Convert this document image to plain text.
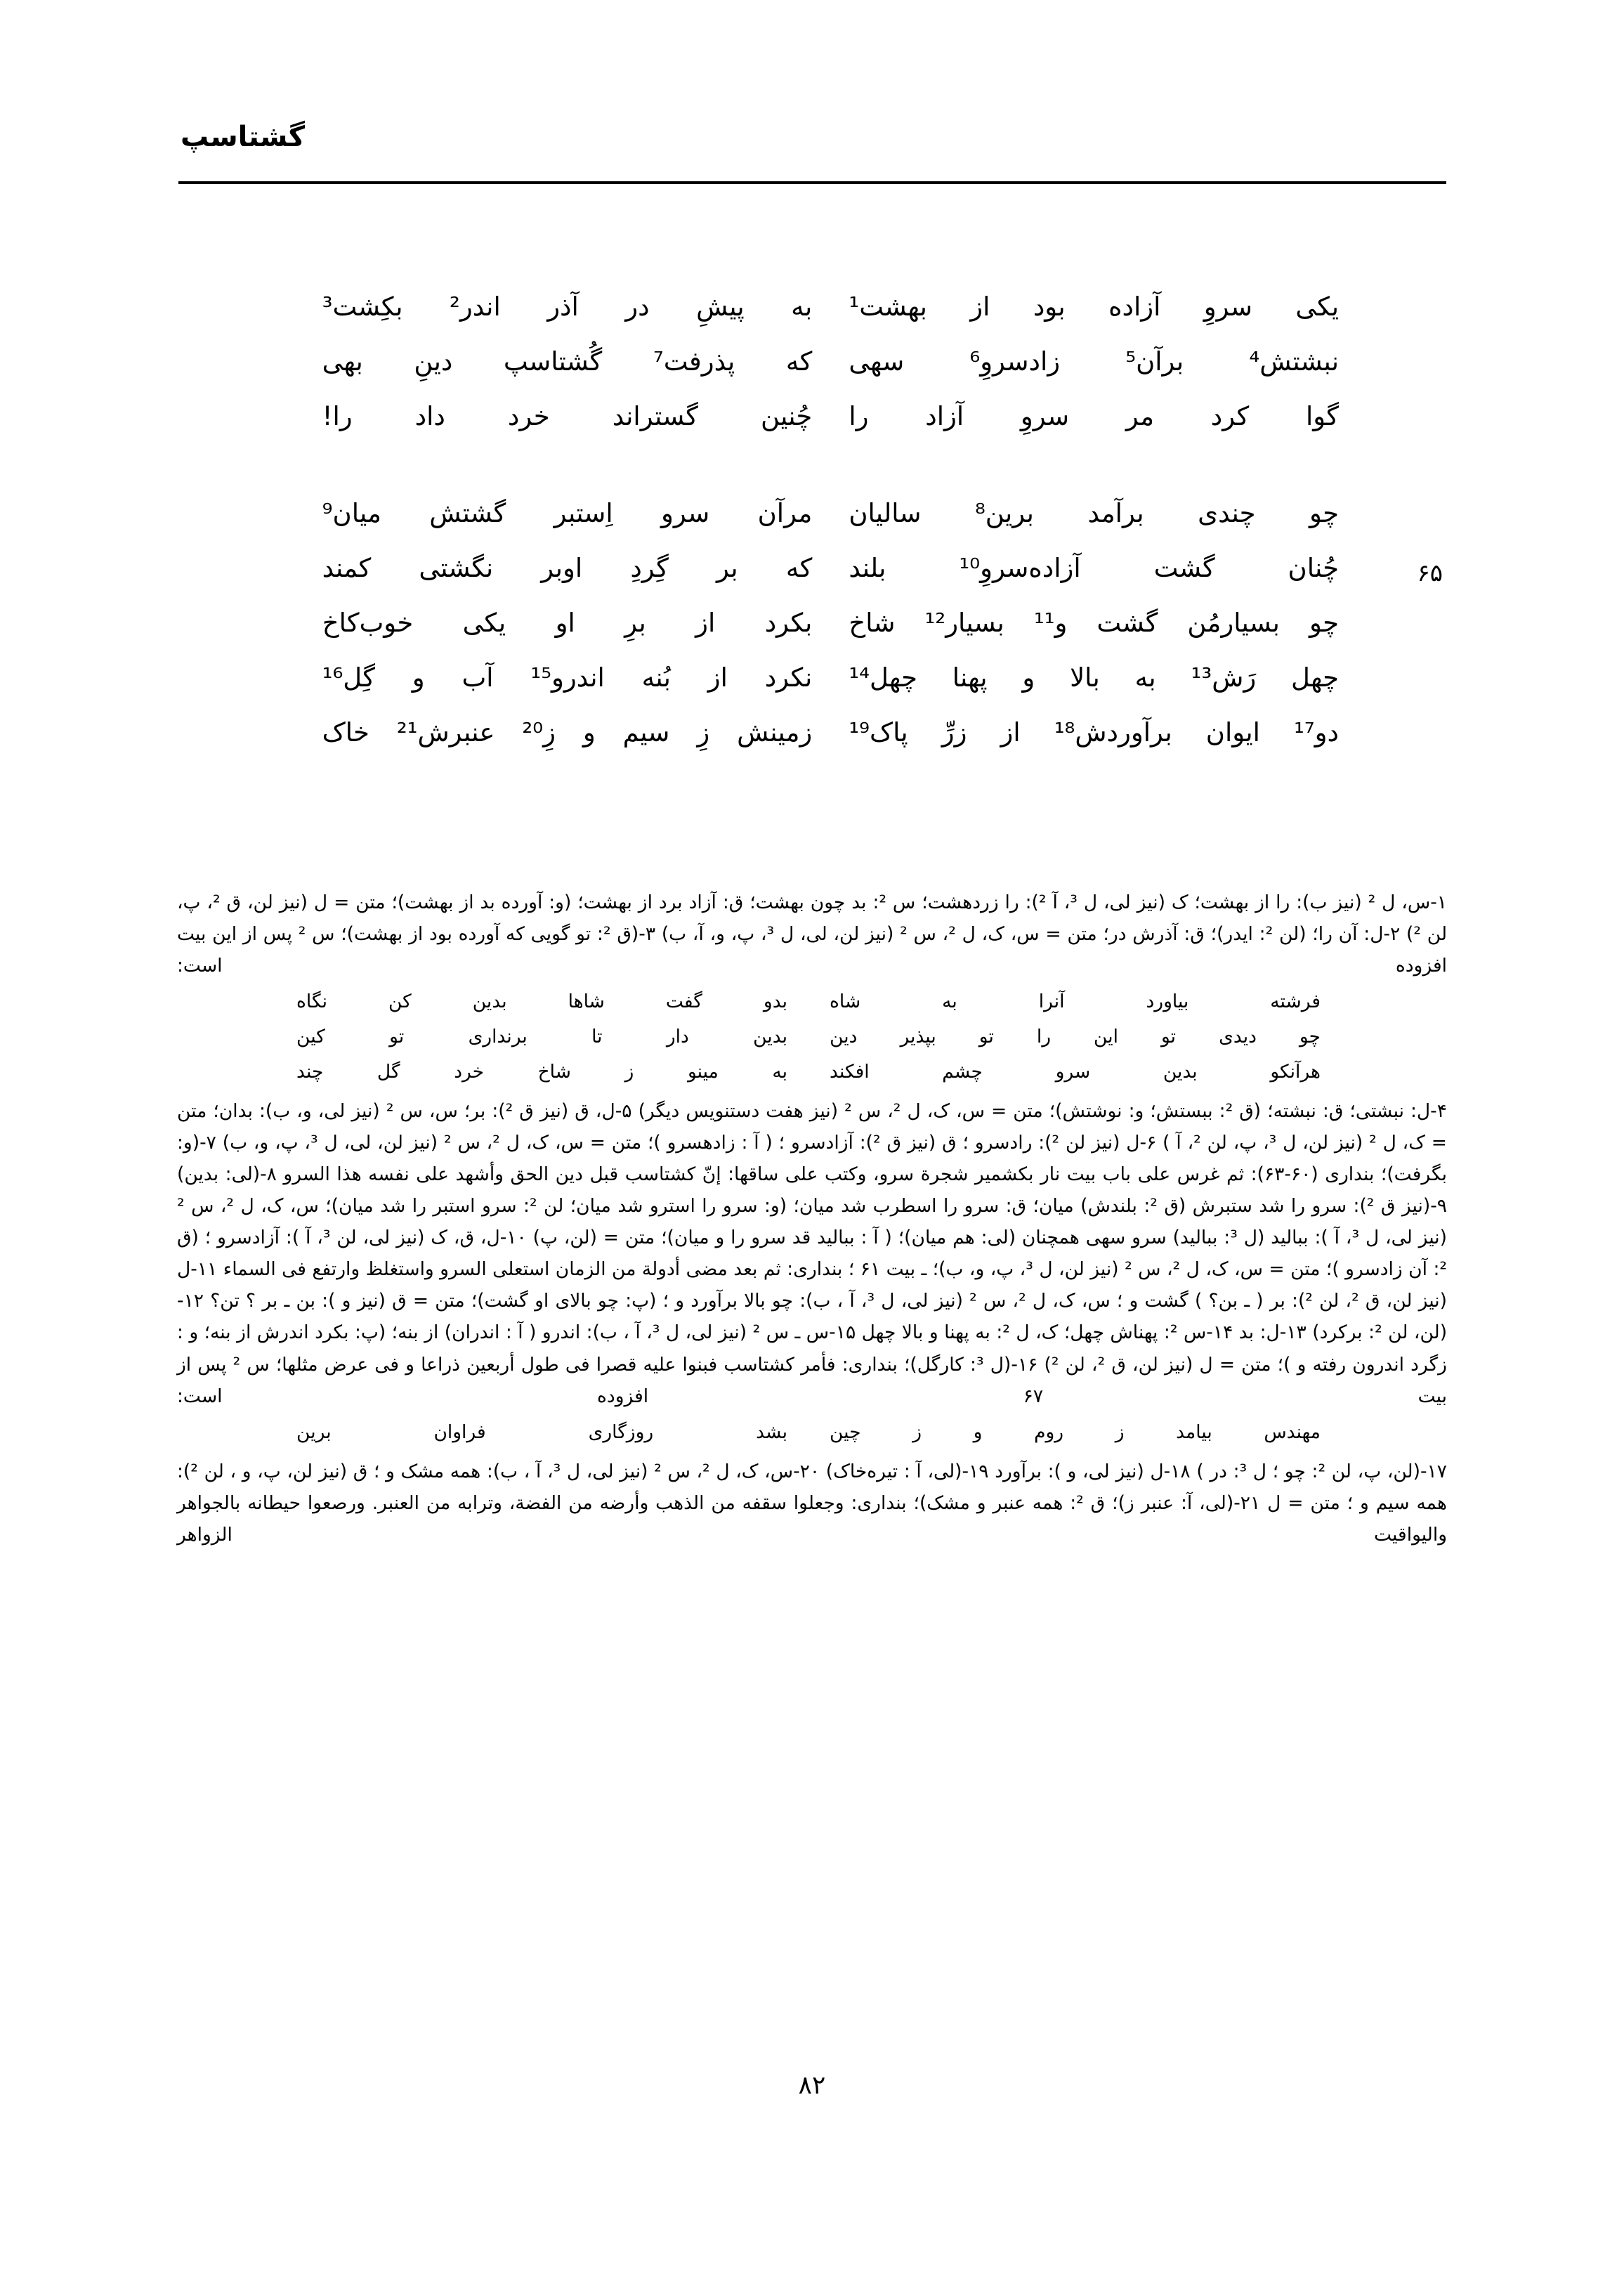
گشتاسپ
یکی
سروِ
آزاده
بود
از
بهشت¹
به
پیشِ
در
آذر
اندر²
بکِشت³
نبشتش⁴
برآن⁵
زادسروِ⁶
سهی
که
پذرفت⁷
گُشتاسپ
دینِ
بهی
گوا
کرد
مر
سروِ
آزاد
را
چُنین
گستراند
خرد
داد
را!
چو
چندی
برآمد
برین⁸
سالیان
مرآن
سرو
اِستبر
گشتش
میان⁹
۶۵
چُنان
گشت
آزاده‌سروِ¹⁰
بلند
که
بر
گِردِ
اوبر
نگشتی
کمند
چو
بسیارمُن
گشت
و¹¹
بسیار¹²
شاخ
بکرد
از
برِ
او
یکی
خوب‌کاخ
چهل
رَش¹³
به
بالا
و
پهنا
چهل¹⁴
نکرد
از
بُنه
اندرو¹⁵
آب
و
گِل¹⁶
دو¹⁷
ایوان
برآوردش¹⁸
از
زرِّ
پاک¹⁹
زمینش
زِ
سیم
و
زِ²⁰
عنبرش²¹
خاک
۱-س، ل ² (نیز ب): را از بهشت؛ ک (نیز لی، ل ³، آ ²): را زردهشت؛ س ²: بد چون بهشت؛ ق: آزاد برد از بهشت؛ (و: آورده بد از بهشت)؛ متن = ل (نیز لن، ق ²، پ، لن ²) ۲-ل: آن را؛ (لن ²: ایدر)؛ ق: آذرش در؛ متن = س، ک، ل ²، س ² (نیز لن، لی، ل ³، پ، و، آ، ب) ۳-(ق ²: تو گویی که آورده بود از بهشت)؛ س ² پس از این بیت افزوده است:
فرشته
بیاورد
آنرا
به
شاه
بدو
گفت
شاها
بدین
کن
نگاه
چو
دیدی
تو
این
را
تو
بپذیر
دین
بدین
دار
تا
برنداری
تو
کین
هرآنکو
بدین
سرو
چشم
افکند
به
مینو
ز
شاخ
خرد
گل
چند
۴-ل: نبشتی؛ ق: نبشته؛ (ق ²: ببستش؛ و: نوشتش)؛ متن = س، ک، ل ²، س ² (نیز هفت دستنویس دیگر) ۵-ل، ق (نیز ق ²): بر؛ س، س ² (نیز لی، و، ب): بدان؛ متن = ک، ل ² (نیز لن، ل ³، پ، لن ²، آ ) ۶-ل (نیز لن ²): رادسرو ؛ ق (نیز ق ²): آزادسرو ؛ ( آ : زادهسرو )؛ متن = س، ک، ل ²، س ² (نیز لن، لی، ل ³، پ، و، ب) ۷-(و: بگرفت)؛ بنداری (۶۰-۶۳): ثم غرس علی باب بیت نار بکشمیر شجرة سرو، وكتب علی ساقها: إنّ كشتاسب قبل دین الحق وأشهد علی نفسه هذا السرو ۸-(لی: بدین) ۹-(نیز ق ²): سرو را شد ستبرش (ق ²: بلندش) میان؛ ق: سرو را اسطرب شد میان؛ (و: سرو را استرو شد میان؛ لن ²: سرو استبر را شد میان)؛ س، ک، ل ²، س ² (نیز لی، ل ³، آ ): ببالید (ل ³: ببالید) سرو سهی همچنان (لی: هم میان)؛ ( آ : ببالید قد سرو را و میان)؛ متن = (لن، پ) ۱۰-ل، ق، ک (نیز لی، لن ³، آ ): آزادسرو ؛ (ق ²: آن زادسرو )؛ متن = س، ک، ل ²، س ² (نیز لن، ل ³، پ، و، ب)؛ ـ بیت ۶۱ ؛ بنداری: ثم بعد مضی أدولة من الزمان استعلی السرو واستغلظ وارتفع فی السماء ۱۱-ل (نیز لن، ق ²، لن ²): بر ( ـ بن؟ ) گشت و ؛ س، ک، ل ²، س ² (نیز لی، ل ³، آ ، ب): چو بالا برآورد و ؛ (پ: چو بالای او گشت)؛ متن = ق (نیز و ): بن ـ بر ؟ تن؟ ۱۲-(لن، لن ²: برکرد) ۱۳-ل: بد ۱۴-س ²: پهناش چهل؛ ک، ل ²: به پهنا و بالا چهل ۱۵-س ـ س ² (نیز لی، ل ³، آ ، ب): اندرو ( آ : اندران) از بنه؛ (پ: بکرد اندرش از بنه؛ و : زگرد اندرون رفته و )؛ متن = ل (نیز لن، ق ²، لن ²) ۱۶-(ل ³: كارگل)؛ بنداری: فأمر كشتاسب فبنوا علیه قصرا فی طول أربعین ذراعا و فی عرض مثلها؛ س ² پس از بیت ۶۷ افزوده است:
مهندس
بیامد
ز
روم
و
ز
چین
بشد
روزگاری
فراوان
برین
۱۷-(لن، پ، لن ²: چو ؛ ل ³: در ) ۱۸-ل (نیز لی، و ): برآورد ۱۹-(لی، آ : تیره‌خاک) ۲۰-س، ک، ل ²، س ² (نیز لی، ل ³، آ ، ب): همه مشک و ؛ ق (نیز لن، پ، و ، لن ²): همه سیم و ؛ متن = ل ۲۱-(لی، آ: عنبر ز)؛ ق ²: همه عنبر و مشک)؛ بنداری: وجعلوا سقفه من الذهب وأرضه من الفضة، وترابه من العنبر. ورصعوا حیطانه بالجواهر والیواقیت الزواهر
۸۲
